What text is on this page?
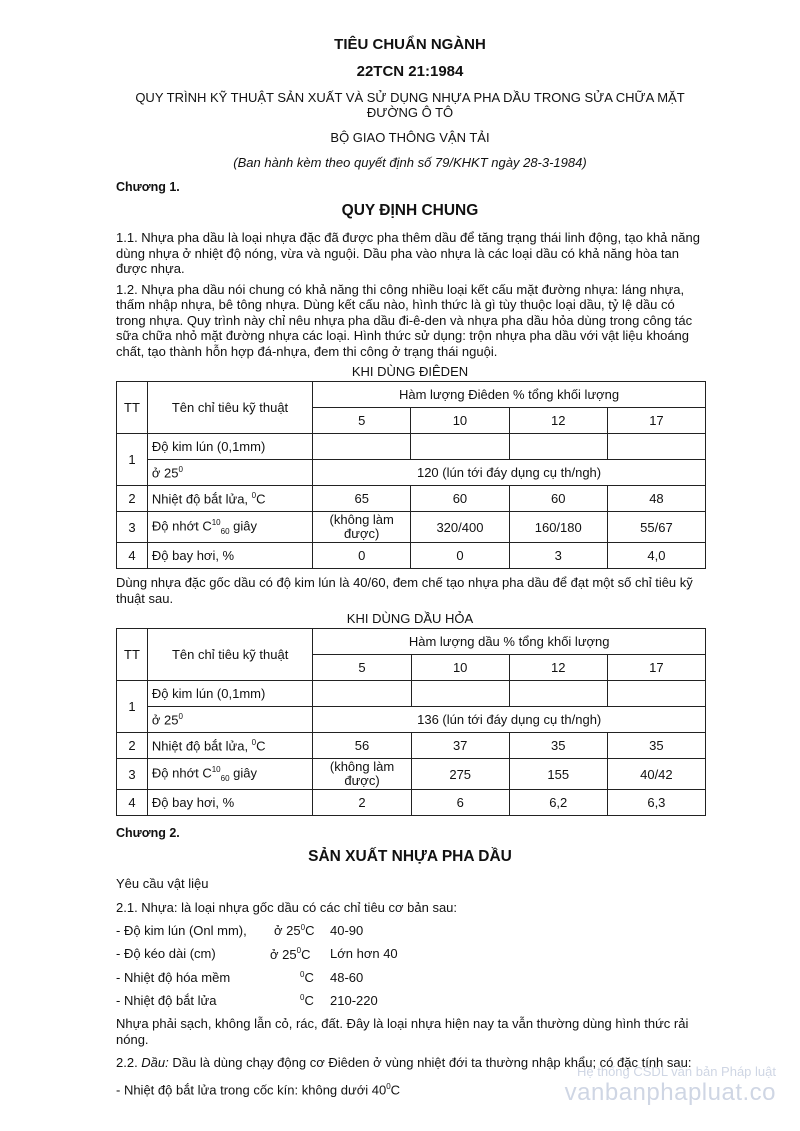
TIÊU CHUẨN NGÀNH
22TCN 21:1984
QUY TRÌNH KỸ THUẬT SẢN XUẤT VÀ SỬ DỤNG NHỰA PHA DẦU TRONG SỬA CHỮA MẶT ĐƯỜNG Ô TÔ
BỘ GIAO THÔNG VẬN TẢI
(Ban hành kèm theo quyết định số 79/KHKT ngày 28-3-1984)
Chương 1.
QUY ĐỊNH CHUNG

1.1. Nhựa pha dầu là loại nhựa đặc đã được pha thêm dầu để tăng trạng thái linh động, tạo khả năng dùng nhựa ở nhiệt độ nóng, vừa và nguội. Dầu pha vào nhựa là các loại dầu có khả năng hòa tan được nhựa.

1.2. Nhựa pha dầu nói chung có khả năng thi công nhiều loại kết cấu mặt đường nhựa: láng nhựa, thấm nhập nhựa, bê tông nhựa. Dùng kết cấu nào, hình thức là gì tùy thuộc loại dầu, tỷ lệ dầu có trong nhựa. Quy trình này chỉ nêu nhựa pha dầu đi-ê-den và nhựa pha dầu hỏa dùng trong công tác sữa chữa nhỏ mặt đường nhựa các loại. Hình thức sử dụng: trộn nhựa pha dầu với vật liệu khoáng chất, tạo thành hỗn hợp đá-nhựa, đem thi công ở trạng thái nguội.

KHI DÙNG ĐIÊDEN
TT	Tên chỉ tiêu kỹ thuật	Hàm lượng Điêden % tổng khối lượng			
		5	10	12	17
1	Độ kim lún (0,1mm)				
	ở $25^0$	120 (lún tới đáy dụng cụ th/ngh)			
2	Nhiệt độ bắt lửa, $^0$C	65	60	60	48
3	Độ nhớt $C^{10}_{60}$ giây	(không làm được)	320/400	160/180	55/67
4	Độ bay hơi, %	0	0	3	4,0

Dùng nhựa đặc gốc dầu có độ kim lún là 40/60, đem chế tạo nhựa pha dầu để đạt một số chỉ tiêu kỹ thuật sau.

KHI DÙNG DẦU HỎA
TT	Tên chỉ tiêu kỹ thuật	Hàm lượng dầu % tổng khối lượng			
		5	10	12	17
1	Độ kim lún (0,1mm)				
	ở $25^0$	136 (lún tới đáy dụng cụ th/ngh)			
2	Nhiệt độ bắt lửa, $^0$C	56	37	35	35
3	Độ nhớt $C^{10}_{60}$ giây	(không làm được)	275	155	40/42
4	Độ bay hơi, %	2	6	6,2	6,3
Chương 2.
SẢN XUẤT NHỰA PHA DẦU

Yêu cầu vật liệu

2.1. Nhựa: là loại nhựa gốc dầu có các chỉ tiêu cơ bản sau:

- Độ kim lún (Onl mm),	ở $25^0C$	40-90
- Độ kéo dài (cm)	ở $25^0C$	Lớn hơn 40
- Nhiệt độ hóa mềm	$^0$C	48-60
- Nhiệt độ bắt lửa	$^0$C	210-220

Nhựa phải sạch, không lẫn cỏ, rác, đất. Đây là loại nhựa hiện nay ta vẫn thường dùng hình thức rải nóng.

2.2. Dầu: Dầu là dùng chạy động cơ Điêden ở vùng nhiệt đới ta thường nhập khẩu; có đặc tính sau:

- Nhiệt độ bắt lửa trong cốc kín: không dưới $40^0C$

Hệ thống CSDL văn bản Pháp luật
vanbanphapluat.co
